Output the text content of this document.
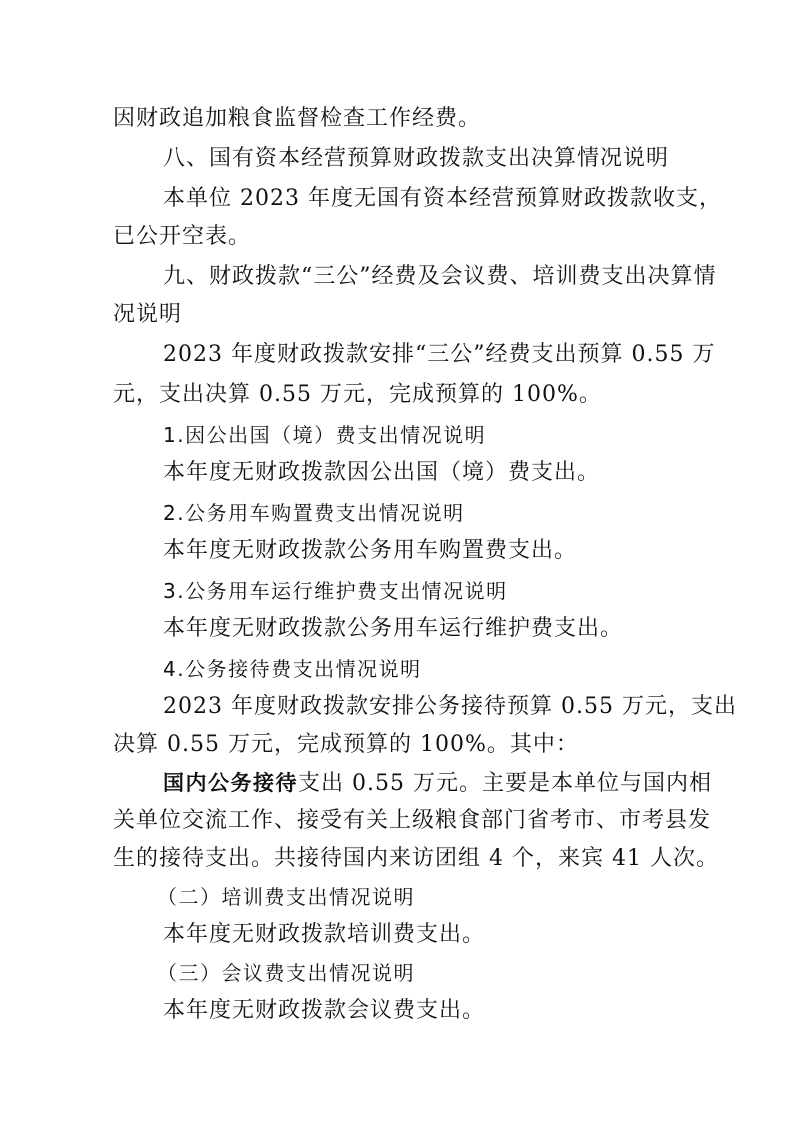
因财政追加粮食监督检查工作经费。
八、国有资本经营预算财政拨款支出决算情况说明
本单位 2023 年度无国有资本经营预算财政拨款收支，
已公开空表。
九、财政拨款“三公”经费及会议费、培训费支出决算情
况说明
2023 年度财政拨款安排“三公”经费支出预算 0.55 万
元，支出决算 0.55 万元，完成预算的 100%。
1.因公出国（境）费支出情况说明
本年度无财政拨款因公出国（境）费支出。
2.公务用车购置费支出情况说明
本年度无财政拨款公务用车购置费支出。
3.公务用车运行维护费支出情况说明
本年度无财政拨款公务用车运行维护费支出。
4.公务接待费支出情况说明
2023 年度财政拨款安排公务接待预算 0.55 万元，支出
决算 0.55 万元，完成预算的 100%。其中：
国内公务接待支出 0.55 万元。主要是本单位与国内相
关单位交流工作、接受有关上级粮食部门省考市、市考县发
生的接待支出。共接待国内来访团组 4 个，来宾 41 人次。
（二）培训费支出情况说明
本年度无财政拨款培训费支出。
（三）会议费支出情况说明
本年度无财政拨款会议费支出。
